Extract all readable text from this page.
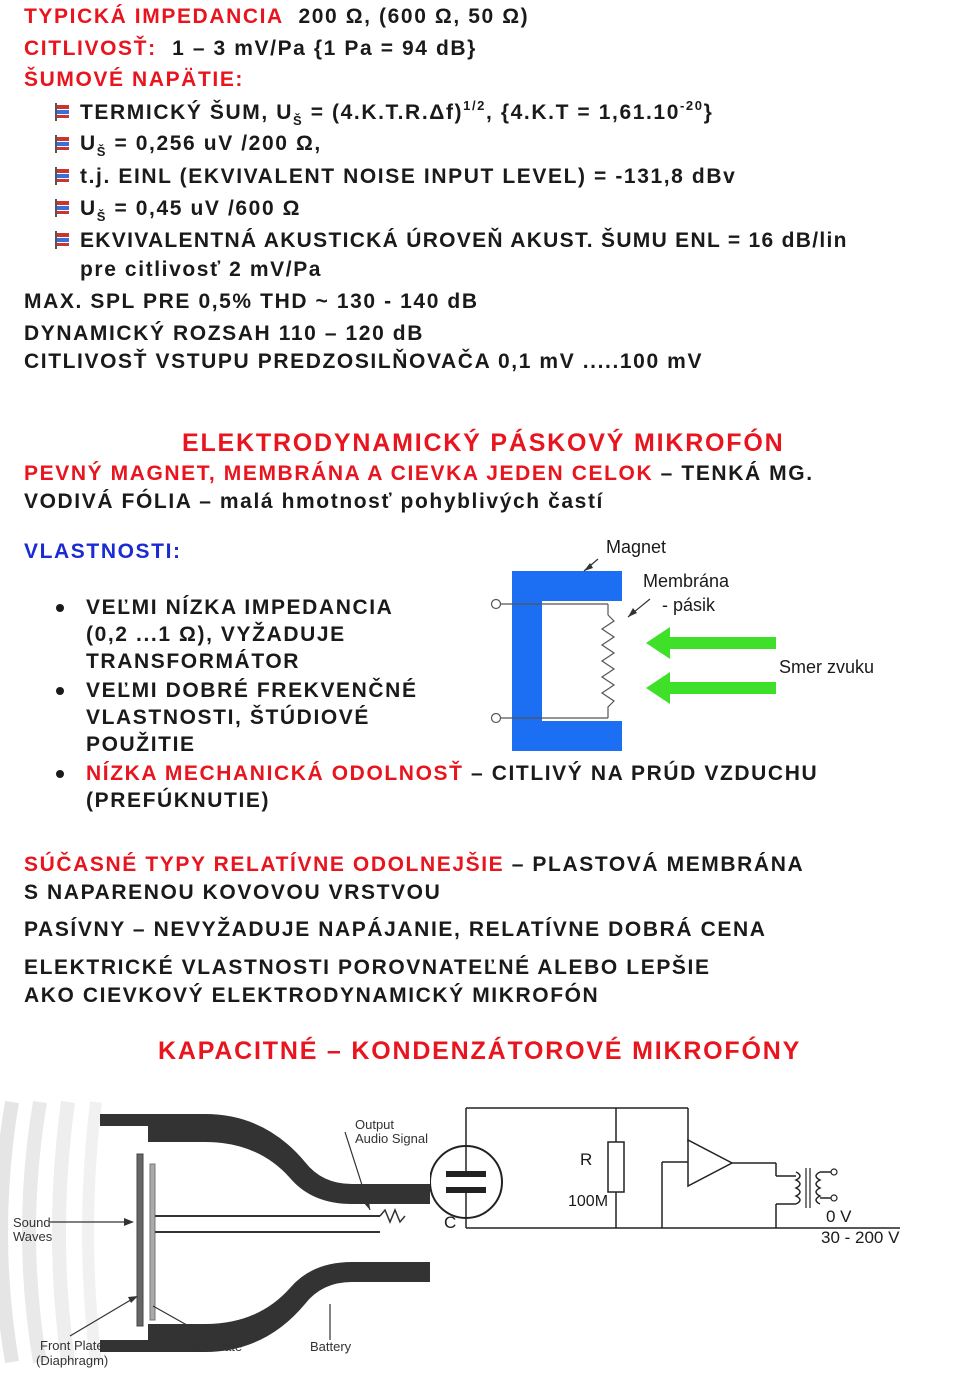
TYPICKÁ IMPEDANCIA 200 Ω, (600 Ω, 50 Ω)
CITLIVOSŤ: 1 – 3 mV/Pa {1 Pa = 94 dB}
ŠUMOVÉ NAPÄTIE:
TERMICKÝ ŠUM, $U_Š = (4.K.T.R.\Delta f)^{1/2}$, $\{4.K.T = 1,61.10^{-20}\}$
$U_Š = 0,256$ uV /200 Ω,
t.j. EINL (EKVIVALENT NOISE INPUT LEVEL) = -131,8 dBv
$U_Š = 0,45$ uV /600 Ω
EKVIVALENTNÁ AKUSTICKÁ ÚROVEŇ AKUST. ŠUMU ENL = 16 dB/lin
pre citlivosť 2 mV/Pa
MAX. SPL PRE 0,5% THD ~ 130 - 140 dB
DYNAMICKÝ ROZSAH 110 – 120 dB
CITLIVOSŤ VSTUPU PREDZOSILŇOVAČA 0,1 mV .....100 mV
ELEKTRODYNAMICKÝ PÁSKOVÝ MIKROFÓN
PEVNÝ MAGNET, MEMBRÁNA A CIEVKA JEDEN CELOK – TENKÁ MG.
VODIVÁ FÓLIA – malá hmotnosť pohyblivých častí
VLASTNOSTI:
VEĽMI NÍZKA IMPEDANCIA
(0,2 ...1 Ω), VYŽADUJE
TRANSFORMÁTOR
VEĽMI DOBRÉ FREKVENČNÉ
VLASTNOSTI, ŠTÚDIOVÉ
POUŽITIE
NÍZKA MECHANICKÁ ODOLNOSŤ – CITLIVÝ NA PRÚD VZDUCHU
(PREFÚKNUTIE)
Magnet
Membrána
- pásik
Smer zvuku
SÚČASNÉ TYPY RELATÍVNE ODOLNEJŠIE – PLASTOVÁ MEMBRÁNA
S NAPARENOU KOVOVOU VRSTVOU
PASÍVNY – NEVYŽADUJE NAPÁJANIE, RELATÍVNE DOBRÁ CENA
ELEKTRICKÉ VLASTNOSTI POROVNATEĽNÉ ALEBO LEPŠIE
AKO CIEVKOVÝ ELEKTRODYNAMICKÝ MIKROFÓN
KAPACITNÉ – KONDENZÁTOROVÉ MIKROFÓNY
Output
Audio Signal
Sound
Waves
Front Plate
(Diaphragm)
Back Plate	Battery
R
100M
C	0 V
30 - 200 V
